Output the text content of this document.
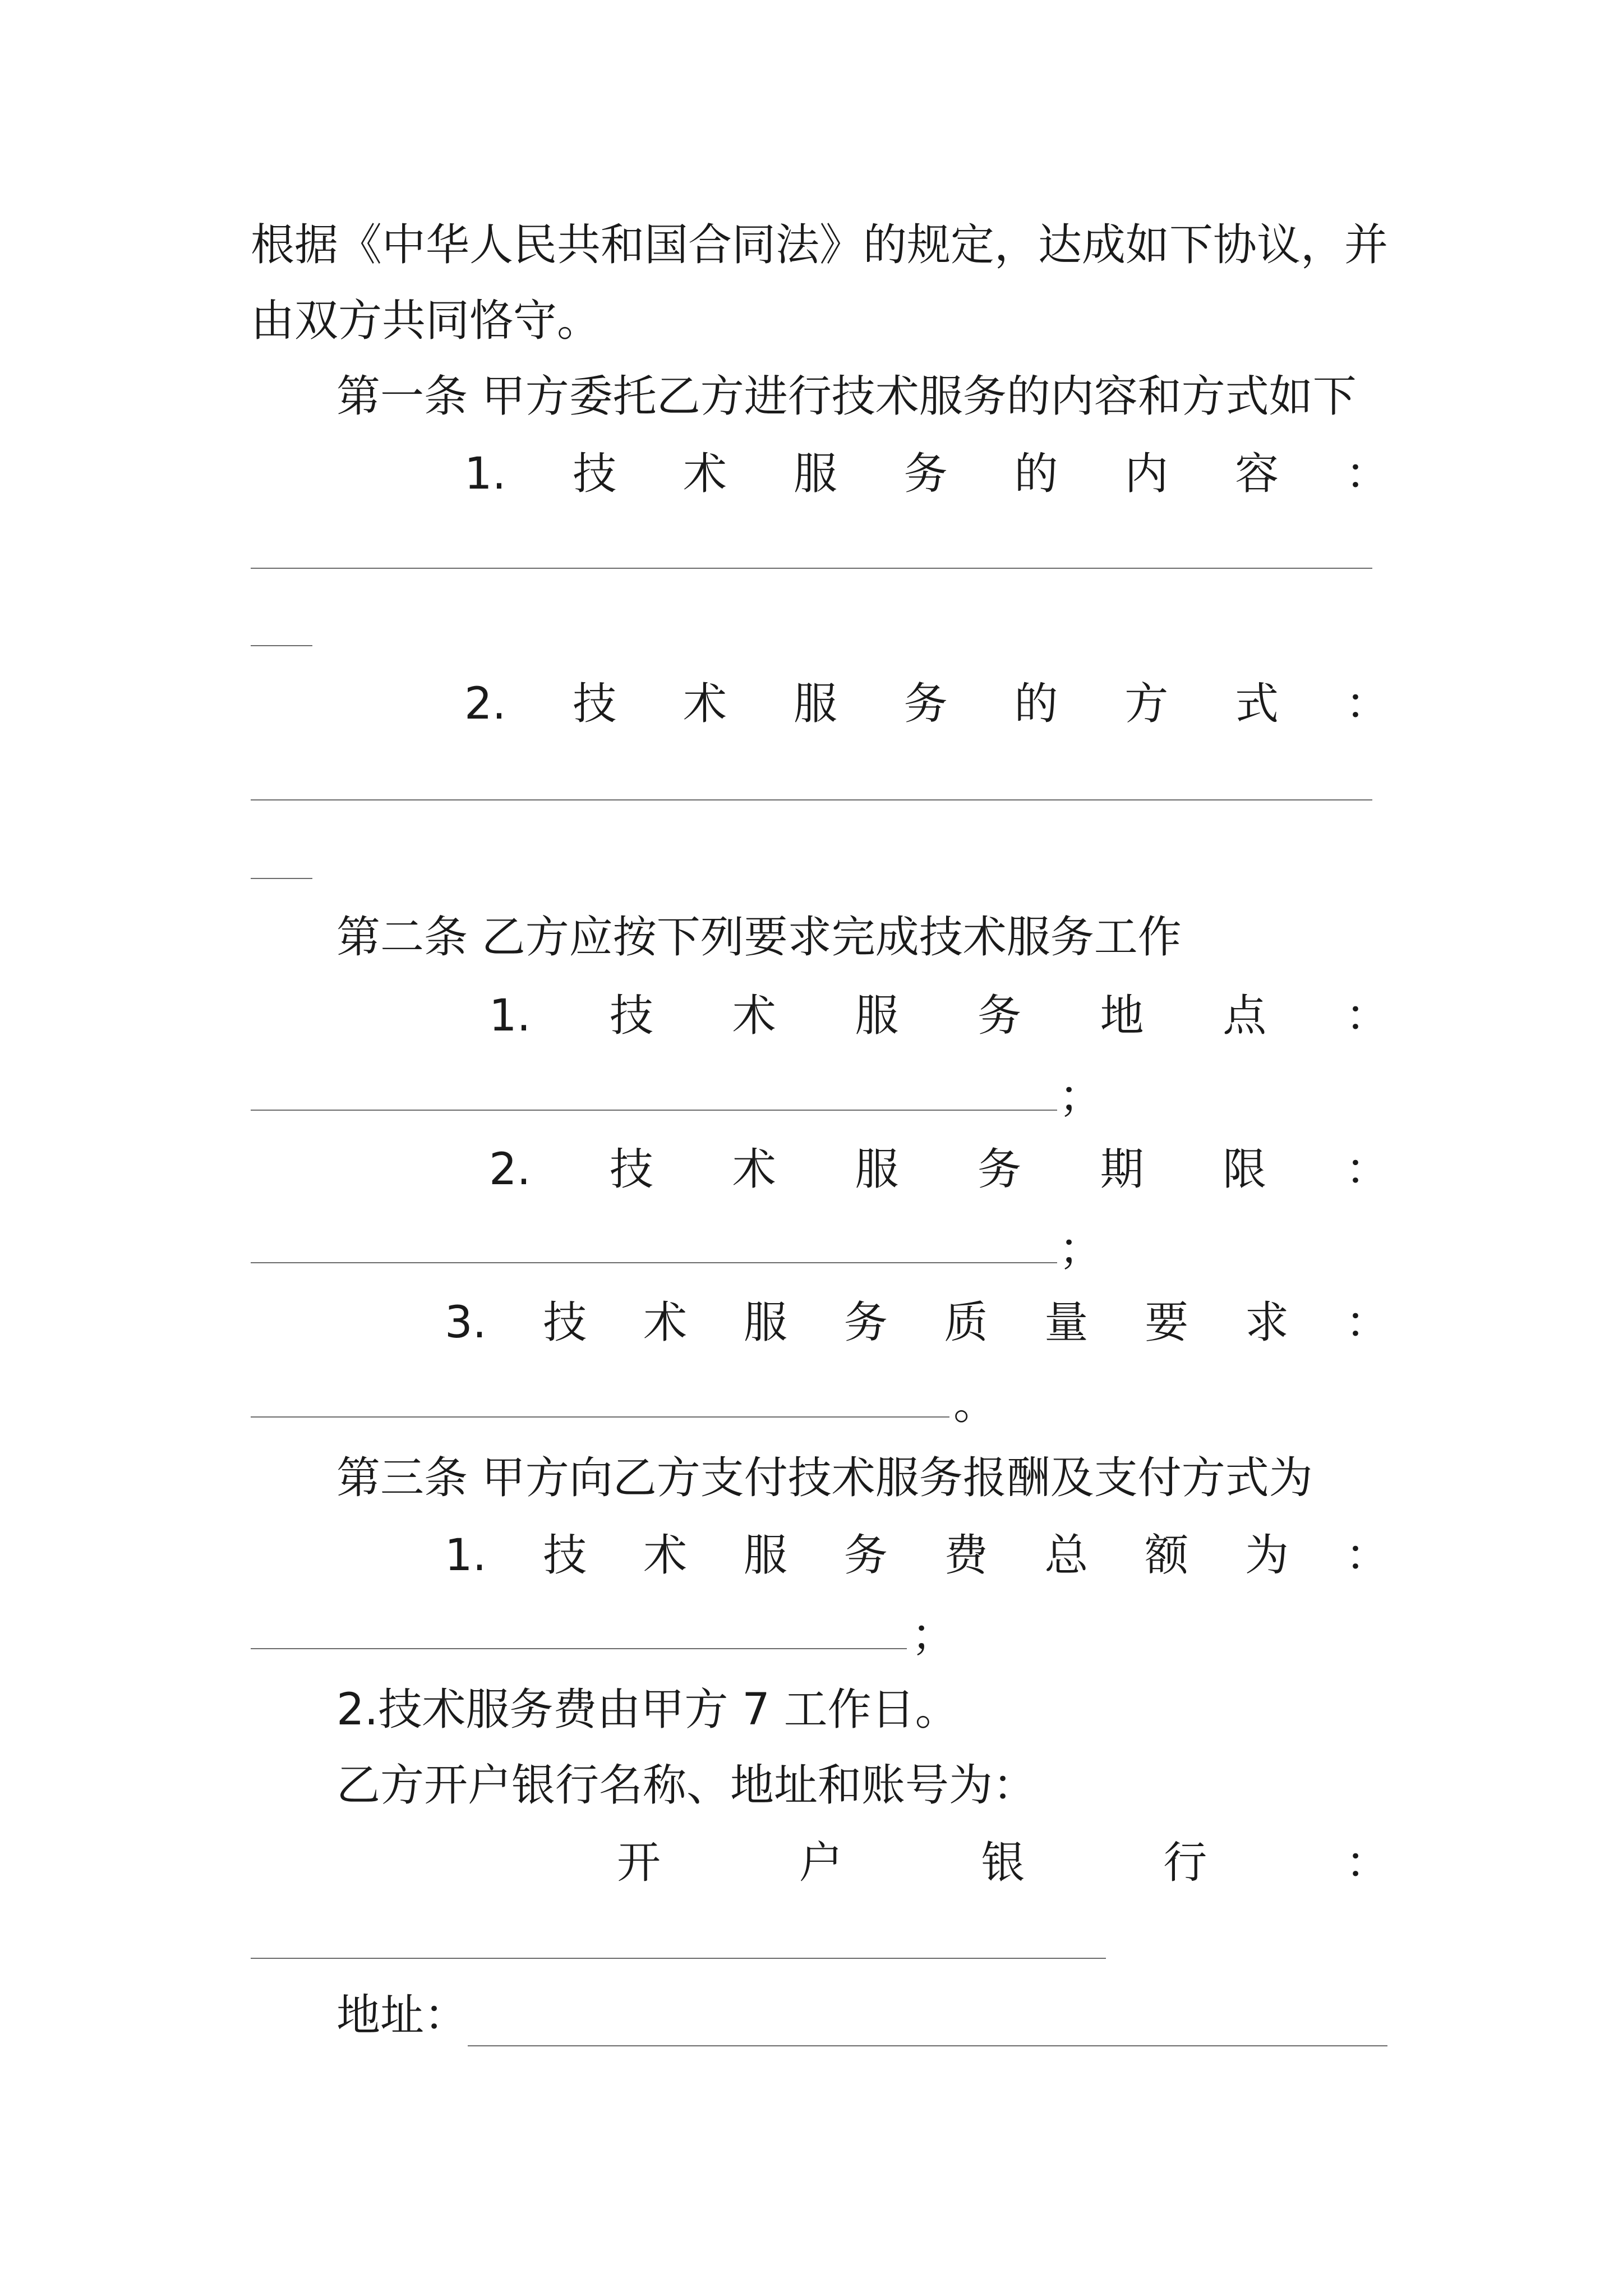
根据《中华人民共和国合同法》的规定，达成如下协议，并
由双方共同恪守。
第一条 甲方委托乙方进行技术服务的内容和方式如下
1. 技 术 服 务 的 内 容 ：
2. 技 术 服 务 的 方 式 ：
第二条 乙方应按下列要求完成技术服务工作
1. 技 术 服 务 地 点 ：
；
2. 技 术 服 务 期 限 ：
；
3. 技 术 服 务 质 量 要 求 ：
。
第三条 甲方向乙方支付技术服务报酬及支付方式为
1. 技 术 服 务 费 总 额 为 ：
；
2.技术服务费由甲方 7 工作日。
乙方开户银行名称、地址和账号为：
开	户	银	行	：
地址：
